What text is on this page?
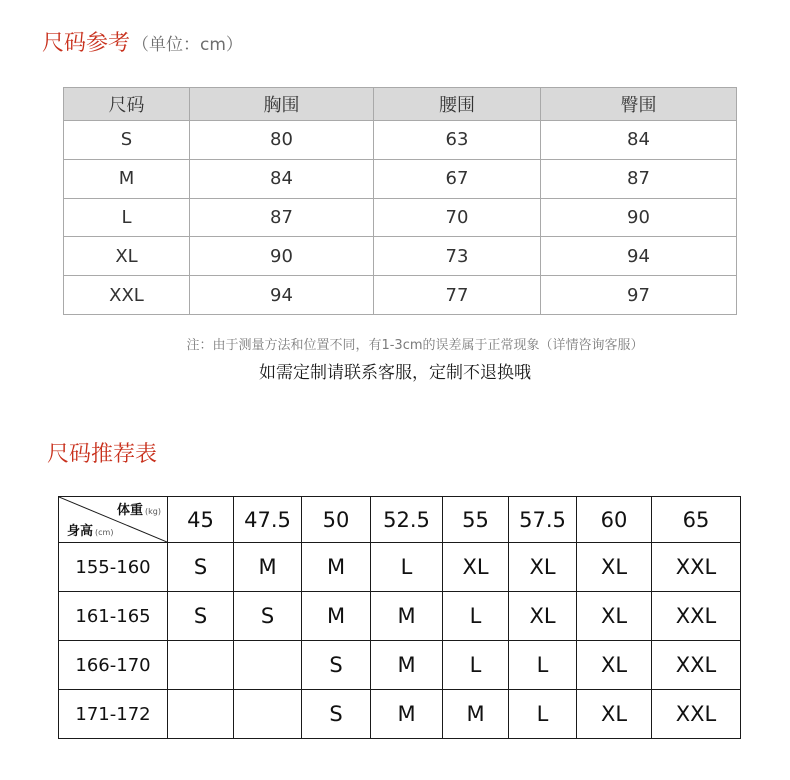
尺码参考 （单位：cm）
尺码	胸围	腰围	臀围
S	80	63	84
M	84	67	87
L	87	70	90
XL	90	73	94
XXL	94	77	97
注：由于测量方法和位置不同，有1-3cm的误差属于正常现象（详情咨询客服）
如需定制请联系客服，定制不退换哦
尺码推荐表
体重 (kg)
身高 (cm)	45	47.5	50	52.5	55	57.5	60	65
155-160	S	M	M	L	XL	XL	XL	XXL
161-165	S	S	M	M	L	XL	XL	XXL
166-170			S	M	L	L	XL	XXL
171-172			S	M	M	L	XL	XXL
